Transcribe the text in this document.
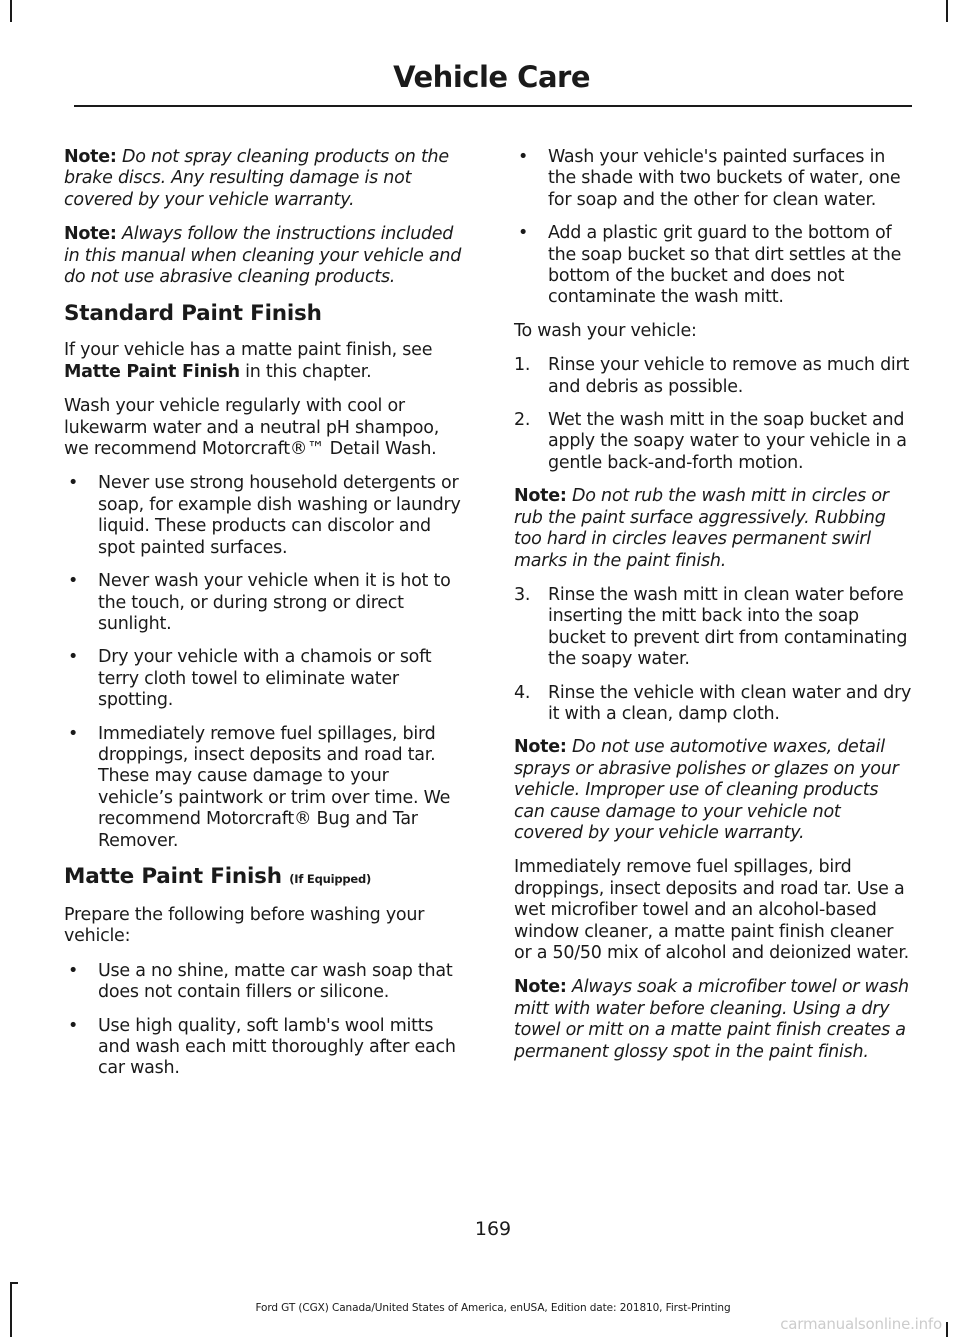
Vehicle Care

Note: Do not spray cleaning products on the brake discs. Any resulting damage is not covered by your vehicle warranty.

Note: Always follow the instructions included in this manual when cleaning your vehicle and do not use abrasive cleaning products.

Standard Paint Finish

If your vehicle has a matte paint finish, see Matte Paint Finish in this chapter.

Wash your vehicle regularly with cool or lukewarm water and a neutral pH shampoo, we recommend Motorcraft®™ Detail Wash.

• Never use strong household detergents or soap, for example dish washing or laundry liquid. These products can discolor and spot painted surfaces.
• Never wash your vehicle when it is hot to the touch, or during strong or direct sunlight.
• Dry your vehicle with a chamois or soft terry cloth towel to eliminate water spotting.
• Immediately remove fuel spillages, bird droppings, insect deposits and road tar. These may cause damage to your vehicle’s paintwork or trim over time. We recommend Motorcraft® Bug and Tar Remover.
Matte Paint Finish (If Equipped)

Prepare the following before washing your vehicle:

• Use a no shine, matte car wash soap that does not contain fillers or silicone.
• Use high quality, soft lamb's wool mitts and wash each mitt thoroughly after each car wash.
• Wash your vehicle's painted surfaces in the shade with two buckets of water, one for soap and the other for clean water.
• Add a plastic grit guard to the bottom of the soap bucket so that dirt settles at the bottom of the bucket and does not contaminate the wash mitt.

To wash your vehicle:

1. Rinse your vehicle to remove as much dirt and debris as possible.
2. Wet the wash mitt in the soap bucket and apply the soapy water to your vehicle in a gentle back-and-forth motion.

Note: Do not rub the wash mitt in circles or rub the paint surface aggressively. Rubbing too hard in circles leaves permanent swirl marks in the paint finish.

3. Rinse the wash mitt in clean water before inserting the mitt back into the soap bucket to prevent dirt from contaminating the soapy water.
4. Rinse the vehicle with clean water and dry it with a clean, damp cloth.

Note: Do not use automotive waxes, detail sprays or abrasive polishes or glazes on your vehicle. Improper use of cleaning products can cause damage to your vehicle not covered by your vehicle warranty.

Immediately remove fuel spillages, bird droppings, insect deposits and road tar. Use a wet microfiber towel and an alcohol-based window cleaner, a matte paint finish cleaner or a 50/50 mix of alcohol and deionized water.

Note: Always soak a microfiber towel or wash mitt with water before cleaning. Using a dry towel or mitt on a matte paint finish creates a permanent glossy spot in the paint finish.

169
Ford GT (CGX) Canada/United States of America, enUSA, Edition date: 201810, First-Printing
carmanualsonline.info
